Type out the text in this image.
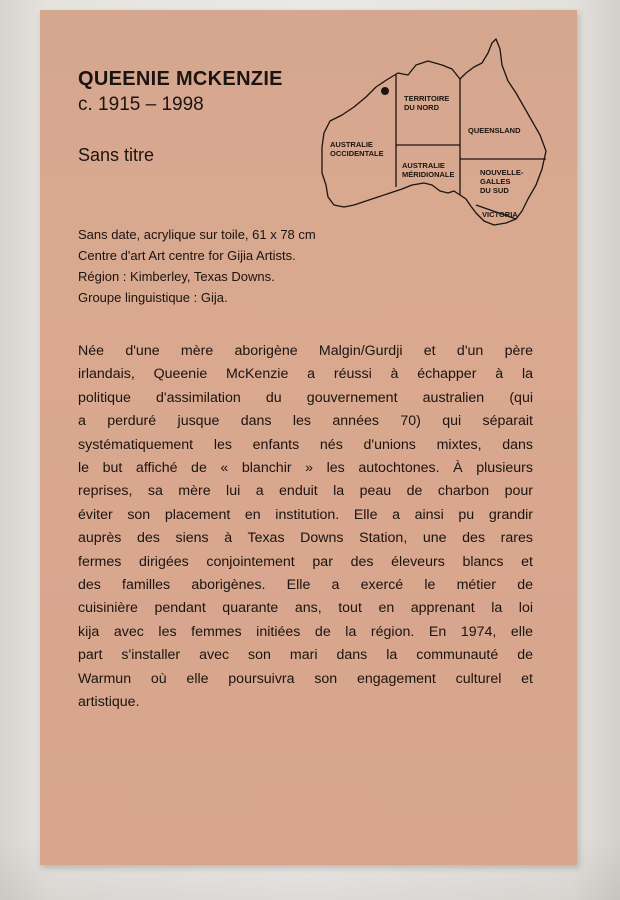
QUEENIE MCKENZIE

c. 1915 – 1998

Sans titre

AUSTRALIE
OCCIDENTALE
TERRITOIRE
DU NORD
QUEENSLAND
AUSTRALIE
MÉRIDIONALE	NOUVELLE-
GALLES
DU SUD
VICTORIA
Sans date, acrylique sur toile, 61 x 78 cm
Centre d'art Art centre for Gijia Artists.
Région : Kimberley, Texas Downs.
Groupe linguistique : Gija.
Née d'une mère aborigène Malgin/Gurdji et d'un père
irlandais, Queenie McKenzie a réussi à échapper à la
politique d'assimilation du gouvernement australien (qui
a perduré jusque dans les années 70) qui séparait
systématiquement les enfants nés d'unions mixtes, dans
le but affiché de « blanchir » les autochtones. À plusieurs
reprises, sa mère lui a enduit la peau de charbon pour
éviter son placement en institution. Elle a ainsi pu grandir
auprès des siens à Texas Downs Station, une des rares
fermes dirigées conjointement par des éleveurs blancs et
des familles aborigènes. Elle a exercé le métier de
cuisinière pendant quarante ans, tout en apprenant la loi
kija avec les femmes initiées de la région. En 1974, elle
part s'installer avec son mari dans la communauté de
Warmun où elle poursuivra son engagement culturel et
artistique.
